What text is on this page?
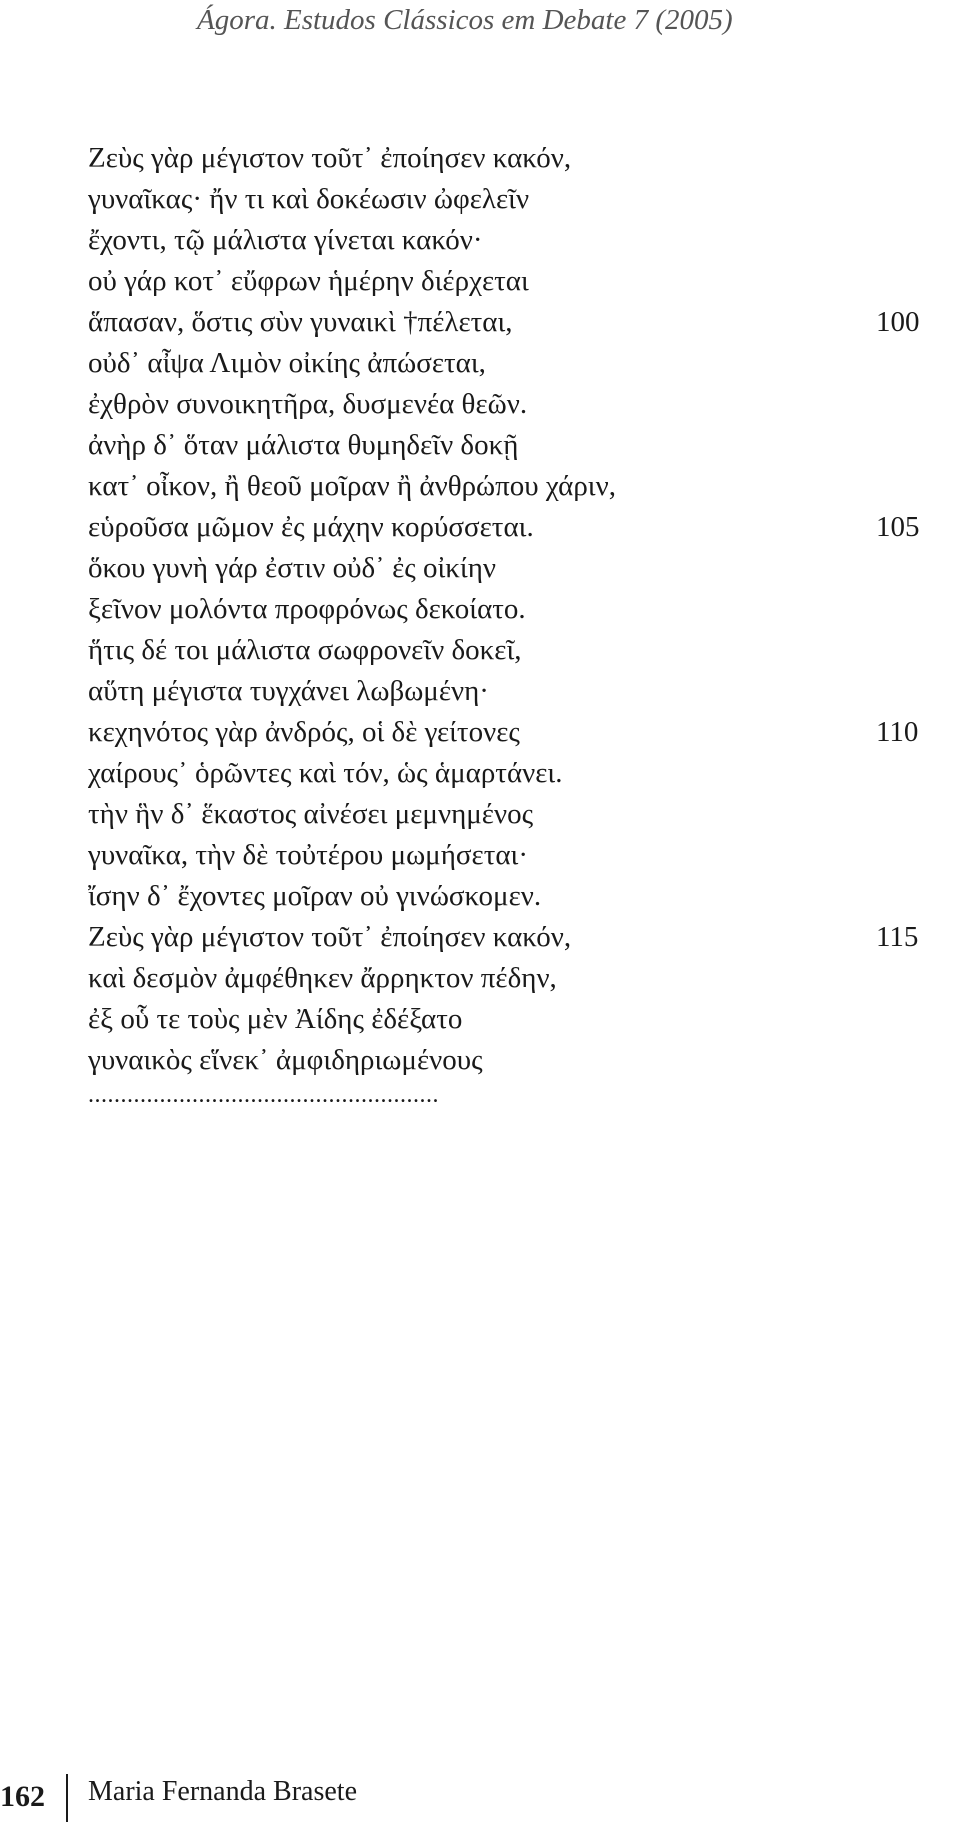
Ágora. Estudos Clássicos em Debate 7 (2005)
Ζεὺς γὰρ μέγιστον τοῦτ᾽ ἐποίησεν κακόν,
γυναῖκας· ἤν τι καὶ δοκέωσιν ὠφελεῖν
ἔχοντι, τῷ μάλιστα γίνεται κακόν·
οὐ γάρ κοτ᾽ εὔφρων ἡμέρην διέρχεται
ἅπασαν, ὅστις σὺν γυναικὶ †πέλεται,	100
οὐδ᾽ αἶψα Λιμὸν οἰκίης ἀπώσεται,
ἐχθρὸν συνοικητῆρα, δυσμενέα θεῶν.
ἀνὴρ δ᾽ ὅταν μάλιστα θυμηδεῖν δοκῇ
κατ᾽ οἶκον, ἢ θεοῦ μοῖραν ἢ ἀνθρώπου χάριν,
εὑροῦσα μῶμον ἐς μάχην κορύσσεται.	105
ὅκου γυνὴ γάρ ἐστιν οὐδ᾽ ἐς οἰκίην
ξεῖνον μολόντα προφρόνως δεκοίατο.
ἥτις δέ τοι μάλιστα σωφρονεῖν δοκεῖ,
αὕτη μέγιστα τυγχάνει λωβωμένη·
κεχηνότος γὰρ ἀνδρός, οἱ δὲ γείτονες	110
χαίρους᾽ ὁρῶντες καὶ τόν, ὡς ἁμαρτάνει.
τὴν ἣν δ᾽ ἕκαστος αἰνέσει μεμνημένος
γυναῖκα, τὴν δὲ τοὐτέρου μωμήσεται·
ἴσην δ᾽ ἔχοντες μοῖραν οὐ γινώσκομεν.
Ζεὺς γὰρ μέγιστον τοῦτ᾽ ἐποίησεν κακόν,	115
καὶ δεσμὸν ἀμφέθηκεν ἄρρηκτον πέδην,
ἐξ οὗ τε τοὺς μὲν Ἀίδης ἐδέξατο
γυναικὸς εἵνεκ᾽ ἀμφιδηριωμένους
......................................................
162 Maria Fernanda Brasete
